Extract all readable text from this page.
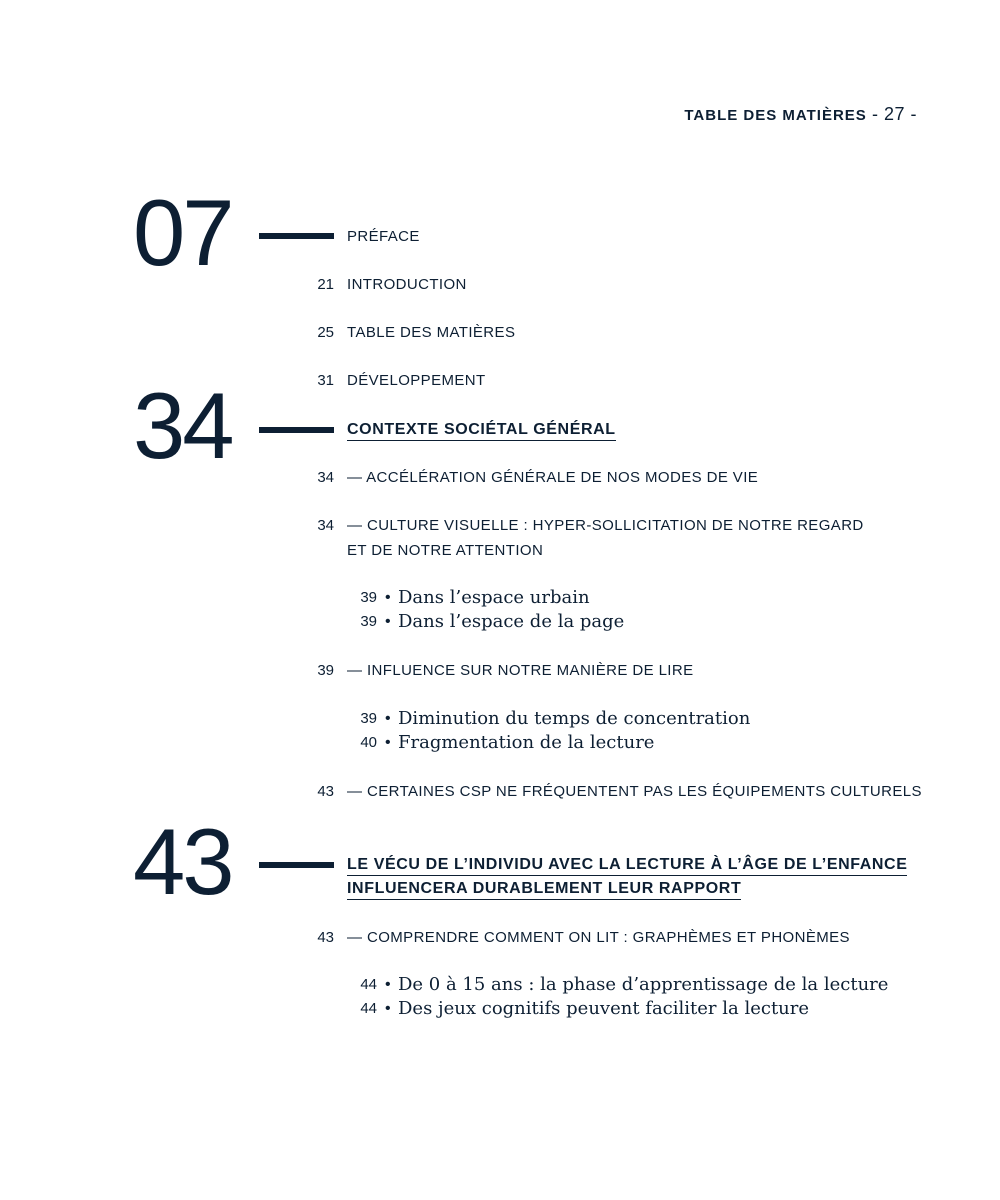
TABLE DES MATIÈRES - 27 -
07	PRÉFACE
21 INTRODUCTION
25 TABLE DES MATIÈRES
31 DÉVELOPPEMENT
34	CONTEXTE SOCIÉTAL GÉNÉRAL
34 — ACCÉLÉRATION GÉNÉRALE DE NOS MODES DE VIE
34 — CULTURE VISUELLE : HYPER-SOLLICITATION DE NOTRE REGARD
ET DE NOTRE ATTENTION
39 • Dans l’espace urbain
39 • Dans l’espace de la page
39 — INFLUENCE SUR NOTRE MANIÈRE DE LIRE
39 • Diminution du temps de concentration
40 • Fragmentation de la lecture
43 — CERTAINES CSP NE FRÉQUENTENT PAS LES ÉQUIPEMENTS CULTURELS
43	LE VÉCU DE L’INDIVIDU AVEC LA LECTURE À L’ÂGE DE L’ENFANCE
INFLUENCERA DURABLEMENT LEUR RAPPORT
43 — COMPRENDRE COMMENT ON LIT : GRAPHÈMES ET PHONÈMES
44 • De 0 à 15 ans : la phase d’apprentissage de la lecture
44 • Des jeux cognitifs peuvent faciliter la lecture
